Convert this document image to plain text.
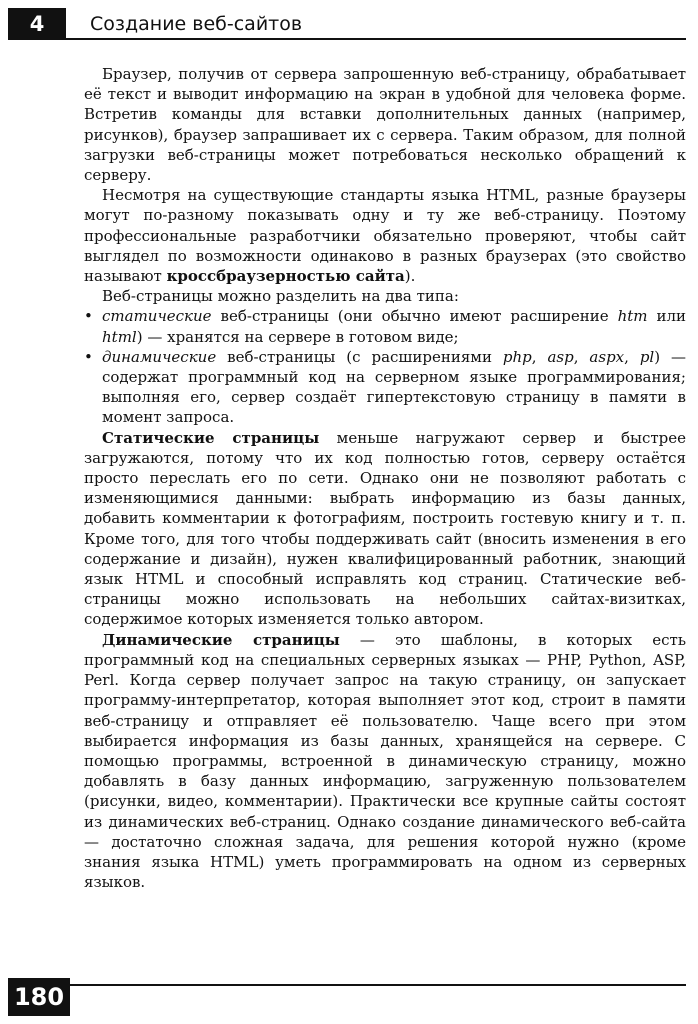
4	Создание веб-сайтов

Браузер, получив от сервера запрошенную веб-страницу, обрабатывает её текст и выводит информацию на экран в удобной для человека форме. Встретив команды для вставки дополнительных данных (например, рисунков), браузер запрашивает их с сервера. Таким образом, для полной загрузки веб-страницы может потребоваться несколько обращений к серверу.

Несмотря на существующие стандарты языка HTML, разные браузеры могут по-разному показывать одну и ту же веб-страницу. Поэтому профессиональные разработчики обязательно проверяют, чтобы сайт выглядел по возможности одинаково в разных браузерах (это свойство называют кроссбраузерностью сайта).

Веб-страницы можно разделить на два типа:

• статические веб-страницы (они обычно имеют расширение htm или html) — хранятся на сервере в готовом виде;
• динамические веб-страницы (с расширениями php, asp, aspx, pl) — содержат программный код на серверном языке программирования; выполняя его, сервер создаёт гипертекстовую страницу в памяти в момент запроса.

Статические страницы меньше нагружают сервер и быстрее загружаются, потому что их код полностью готов, серверу остаётся просто переслать его по сети. Однако они не позволяют работать с изменяющимися данными: выбрать информацию из базы данных, добавить комментарии к фотографиям, построить гостевую книгу и т. п. Кроме того, для того чтобы поддерживать сайт (вносить изменения в его содержание и дизайн), нужен квалифицированный работник, знающий язык HTML и способный исправлять код страниц. Статические веб-страницы можно использовать на небольших сайтах-визитках, содержимое которых изменяется только автором.

Динамические страницы — это шаблоны, в которых есть программный код на специальных серверных языках — PHP, Python, ASP, Perl. Когда сервер получает запрос на такую страницу, он запускает программу-интерпретатор, которая выполняет этот код, строит в памяти веб-страницу и отправляет её пользователю. Чаще всего при этом выбирается информация из базы данных, хранящейся на сервере. С помощью программы, встроенной в динамическую страницу, можно добавлять в базу данных информацию, загруженную пользователем (рисунки, видео, комментарии). Практически все крупные сайты состоят из динамических веб-страниц. Однако создание динамического веб-сайта — достаточно сложная задача, для решения которой нужно (кроме знания языка HTML) уметь программировать на одном из серверных языков.

180
